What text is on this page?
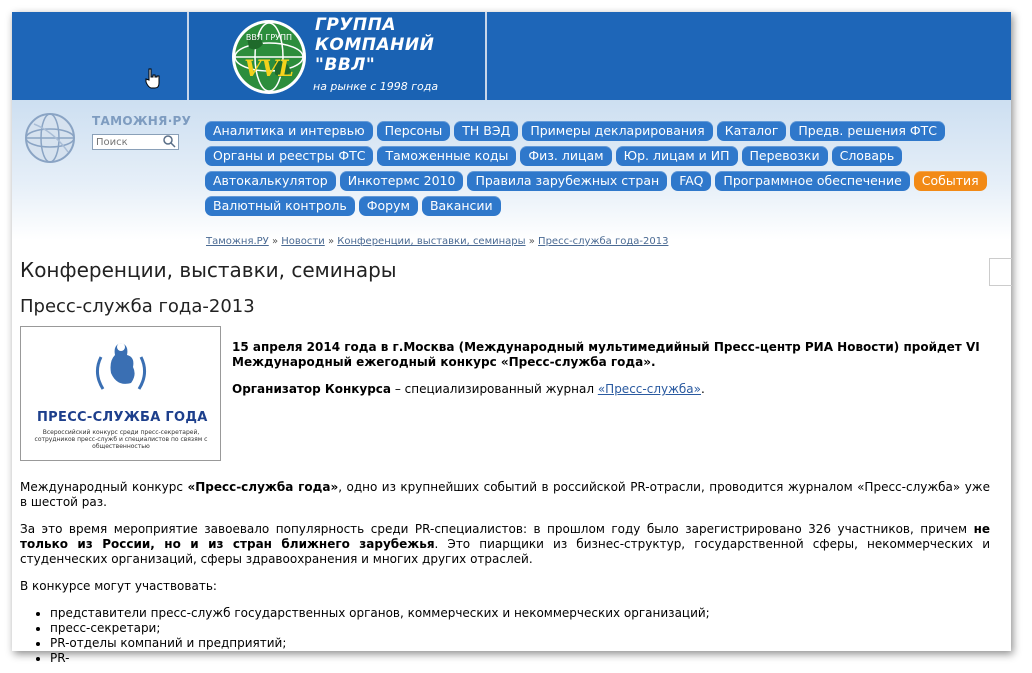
ВВЛ ГРУПП
VVL
ГРУППА
КОМПАНИЙ
"ВВЛ"
на рынке с 1998 года
ТАМОЖНЯ·РУ
Поиск
Аналитика и интервью Персоны ТН ВЭД Примеры декларирования Каталог Предв. решения ФТС
Органы и реестры ФТС Таможенные коды Физ. лицам Юр. лицам и ИП Перевозки Словарь
Автокалькулятор Инкотермс 2010 Правила зарубежных стран FAQ Программное обеспечение События
Валютный контроль Форум Вакансии
Таможня.РУ » Новости » Конференции, выставки, семинары » Пресс-служба года-2013
Конференции, выставки, семинары
Пресс-служба года-2013
ПРЕСС-СЛУЖБА ГОДА
Всероссийский конкурс среди пресс-секретарей, сотрудников пресс-служб и специалистов по связям с общественностью

15 апреля 2014 года в г.Москва (Международный мультимедийный Пресс-центр РИА Новости) пройдет VI Международный ежегодный конкурс «Пресс-служба года».

Организатор Конкурса – специализированный журнал «Пресс-служба».

Международный конкурс «Пресс-служба года», одно из крупнейших событий в российской PR-отрасли, проводится журналом «Пресс-служба» уже в шестой раз.

За это время мероприятие завоевало популярность среди PR-специалистов: в прошлом году было зарегистрировано 326 участников, причем не только из России, но и из стран ближнего зарубежья. Это пиарщики из бизнес-структур, государственной сферы, некоммерческих и студенческих организаций, сферы здравоохранения и многих других отраслей.

В конкурсе могут участвовать:

• представители пресс-служб государственных органов, коммерческих и некоммерческих организаций;
• пресс-секретари;
• PR-отделы компаний и предприятий;
• PR-
